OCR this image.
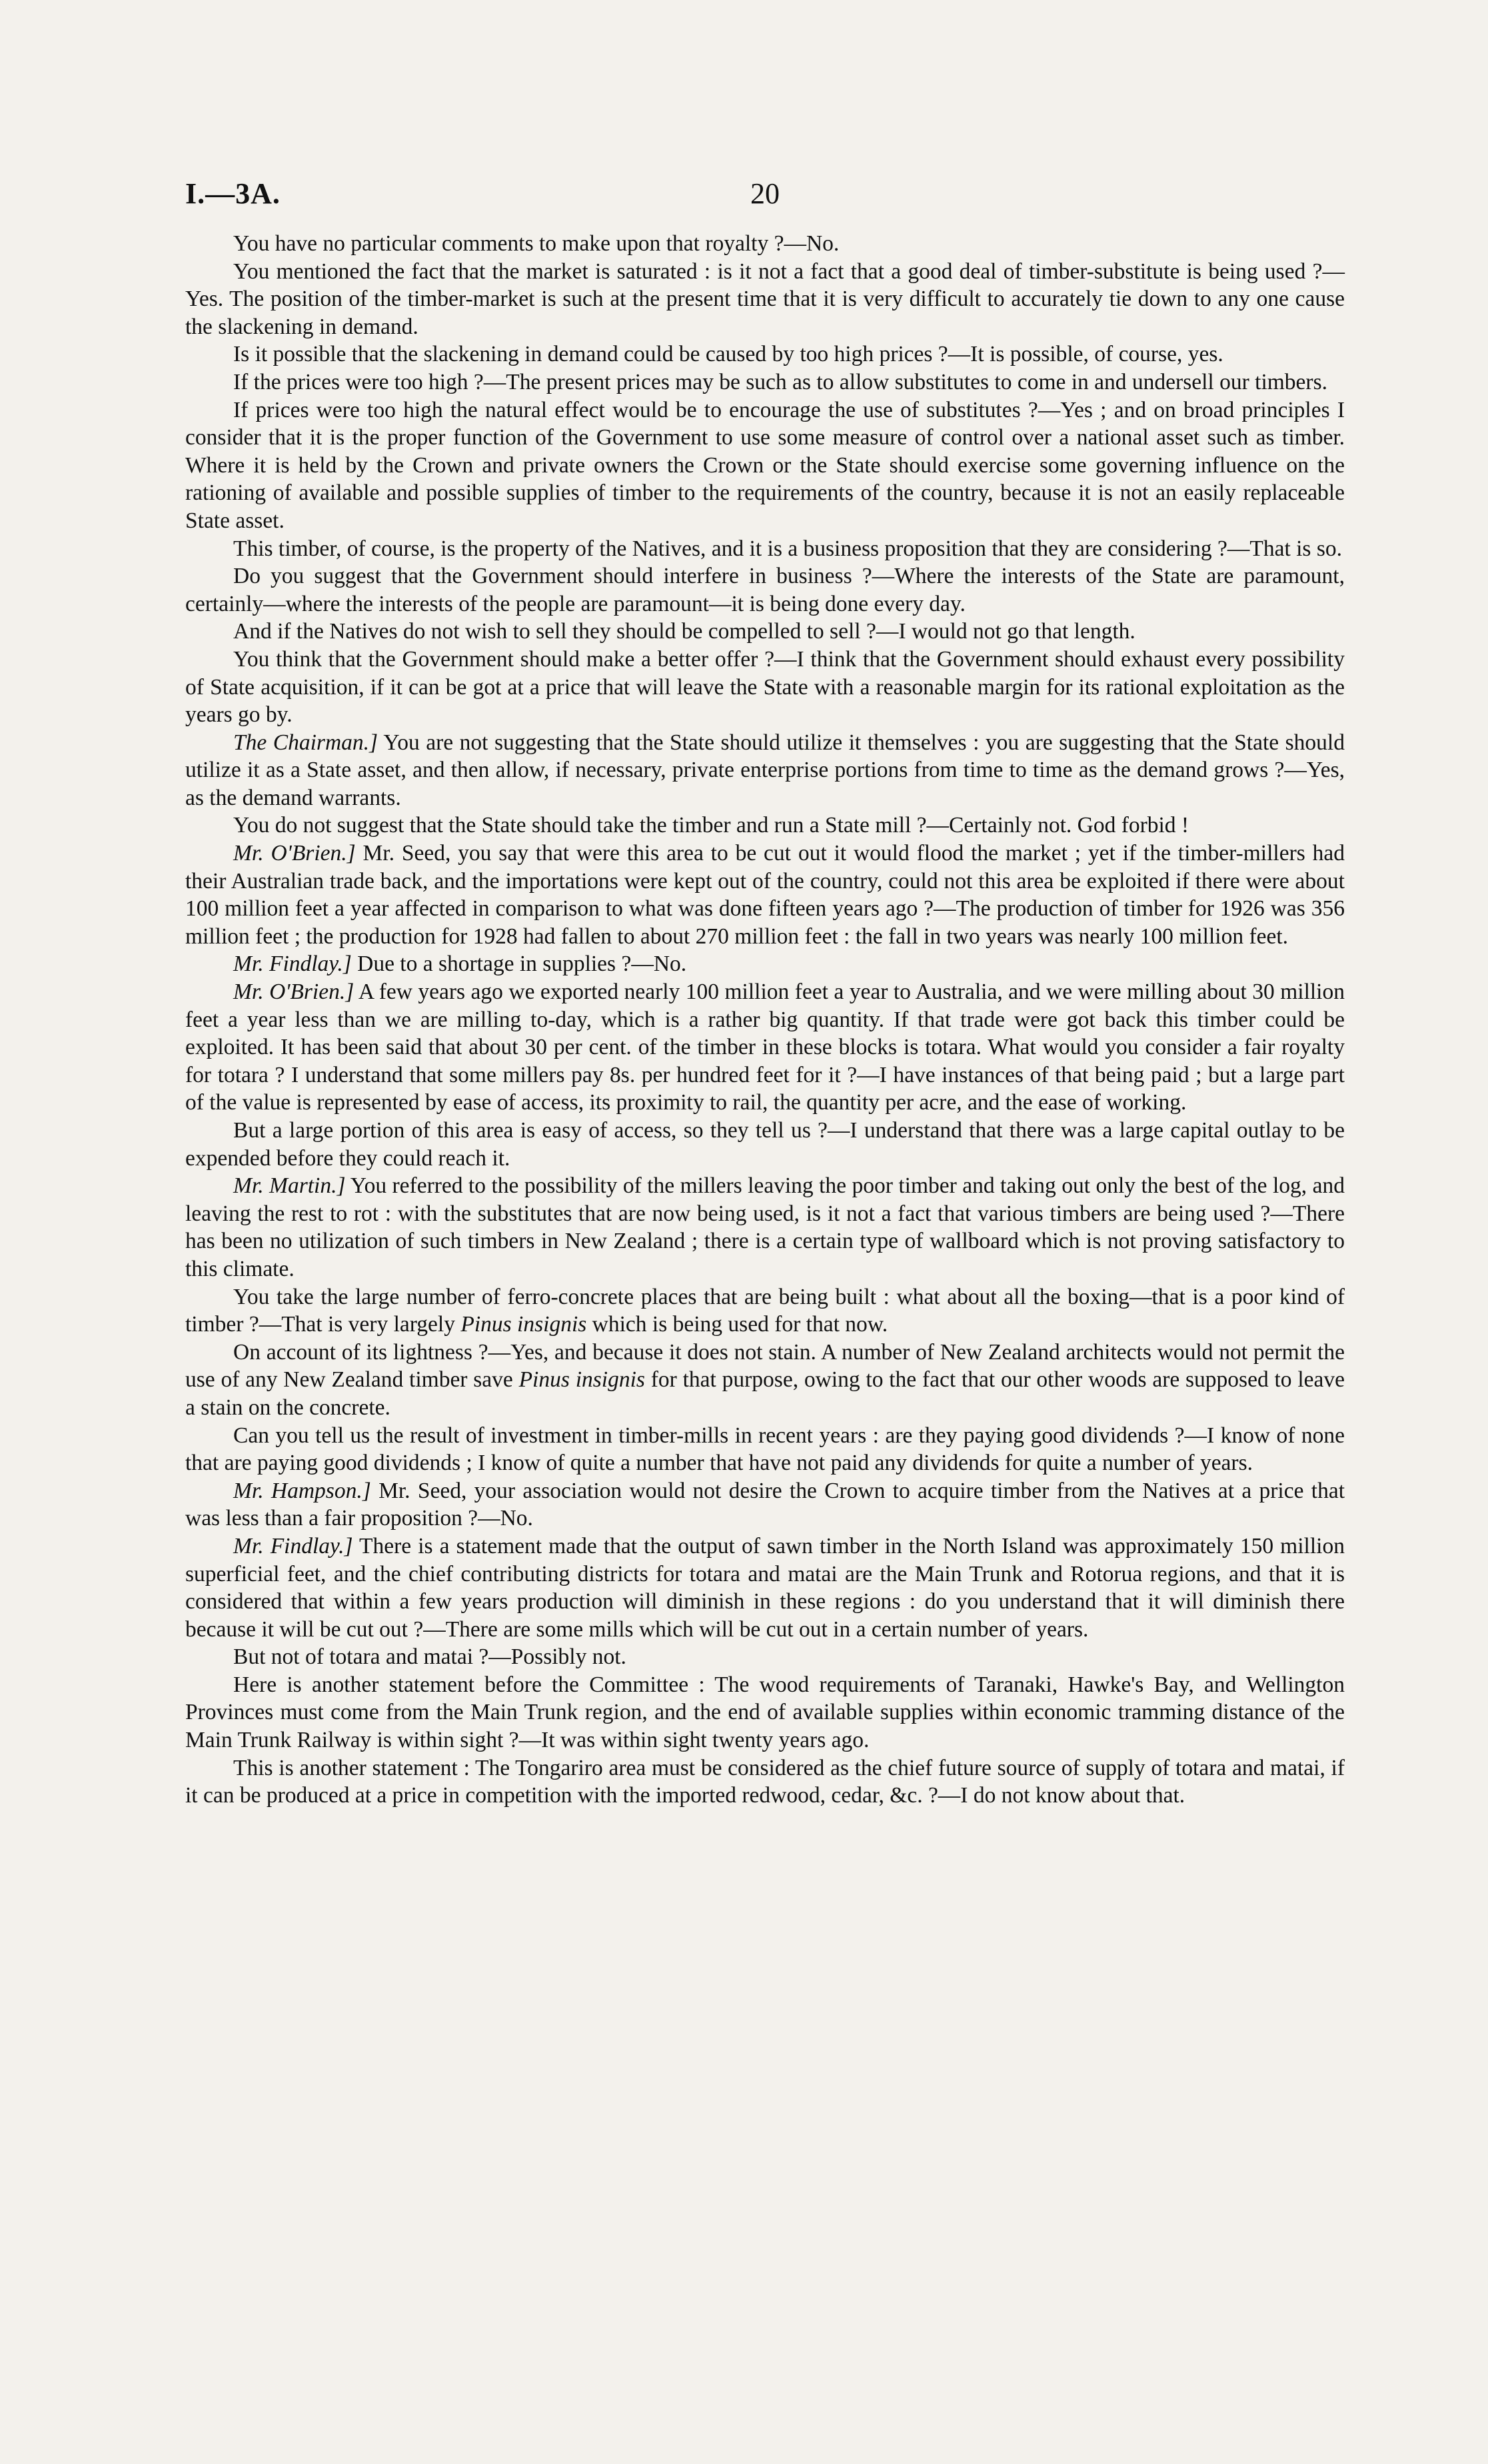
I.—3A.	20

You have no particular comments to make upon that royalty ?—No.

You mentioned the fact that the market is saturated : is it not a fact that a good deal of timber-substitute is being used ?—Yes. The position of the timber-market is such at the present time that it is very difficult to accurately tie down to any one cause the slackening in demand.

Is it possible that the slackening in demand could be caused by too high prices ?—It is possible, of course, yes.

If the prices were too high ?—The present prices may be such as to allow substitutes to come in and undersell our timbers.

If prices were too high the natural effect would be to encourage the use of substitutes ?—Yes ; and on broad principles I consider that it is the proper function of the Government to use some measure of control over a national asset such as timber. Where it is held by the Crown and private owners the Crown or the State should exercise some governing influence on the rationing of available and possible supplies of timber to the requirements of the country, because it is not an easily replaceable State asset.

This timber, of course, is the property of the Natives, and it is a business proposition that they are considering ?—That is so.

Do you suggest that the Government should interfere in business ?—Where the interests of the State are paramount, certainly—where the interests of the people are paramount—it is being done every day.

And if the Natives do not wish to sell they should be compelled to sell ?—I would not go that length.

You think that the Government should make a better offer ?—I think that the Government should exhaust every possibility of State acquisition, if it can be got at a price that will leave the State with a reasonable margin for its rational exploitation as the years go by.

The Chairman.] You are not suggesting that the State should utilize it themselves : you are suggesting that the State should utilize it as a State asset, and then allow, if necessary, private enterprise portions from time to time as the demand grows ?—Yes, as the demand warrants.

You do not suggest that the State should take the timber and run a State mill ?—Certainly not. God forbid !

Mr. O'Brien.] Mr. Seed, you say that were this area to be cut out it would flood the market ; yet if the timber-millers had their Australian trade back, and the importations were kept out of the country, could not this area be exploited if there were about 100 million feet a year affected in comparison to what was done fifteen years ago ?—The production of timber for 1926 was 356 million feet ; the production for 1928 had fallen to about 270 million feet : the fall in two years was nearly 100 million feet.

Mr. Findlay.] Due to a shortage in supplies ?—No.

Mr. O'Brien.] A few years ago we exported nearly 100 million feet a year to Australia, and we were milling about 30 million feet a year less than we are milling to-day, which is a rather big quantity. If that trade were got back this timber could be exploited. It has been said that about 30 per cent. of the timber in these blocks is totara. What would you consider a fair royalty for totara ? I understand that some millers pay 8s. per hundred feet for it ?—I have instances of that being paid ; but a large part of the value is represented by ease of access, its proximity to rail, the quantity per acre, and the ease of working.

But a large portion of this area is easy of access, so they tell us ?—I understand that there was a large capital outlay to be expended before they could reach it.

Mr. Martin.] You referred to the possibility of the millers leaving the poor timber and taking out only the best of the log, and leaving the rest to rot : with the substitutes that are now being used, is it not a fact that various timbers are being used ?—There has been no utilization of such timbers in New Zealand ; there is a certain type of wallboard which is not proving satisfactory to this climate.

You take the large number of ferro-concrete places that are being built : what about all the boxing—that is a poor kind of timber ?—That is very largely Pinus insignis which is being used for that now.

On account of its lightness ?—Yes, and because it does not stain. A number of New Zealand architects would not permit the use of any New Zealand timber save Pinus insignis for that purpose, owing to the fact that our other woods are supposed to leave a stain on the concrete.

Can you tell us the result of investment in timber-mills in recent years : are they paying good dividends ?—I know of none that are paying good dividends ; I know of quite a number that have not paid any dividends for quite a number of years.

Mr. Hampson.] Mr. Seed, your association would not desire the Crown to acquire timber from the Natives at a price that was less than a fair proposition ?—No.

Mr. Findlay.] There is a statement made that the output of sawn timber in the North Island was approximately 150 million superficial feet, and the chief contributing districts for totara and matai are the Main Trunk and Rotorua regions, and that it is considered that within a few years production will diminish in these regions : do you understand that it will diminish there because it will be cut out ?—There are some mills which will be cut out in a certain number of years.

But not of totara and matai ?—Possibly not.

Here is another statement before the Committee : The wood requirements of Taranaki, Hawke's Bay, and Wellington Provinces must come from the Main Trunk region, and the end of available supplies within economic tramming distance of the Main Trunk Railway is within sight ?—It was within sight twenty years ago.

This is another statement : The Tongariro area must be considered as the chief future source of supply of totara and matai, if it can be produced at a price in competition with the imported redwood, cedar, &c. ?—I do not know about that.
